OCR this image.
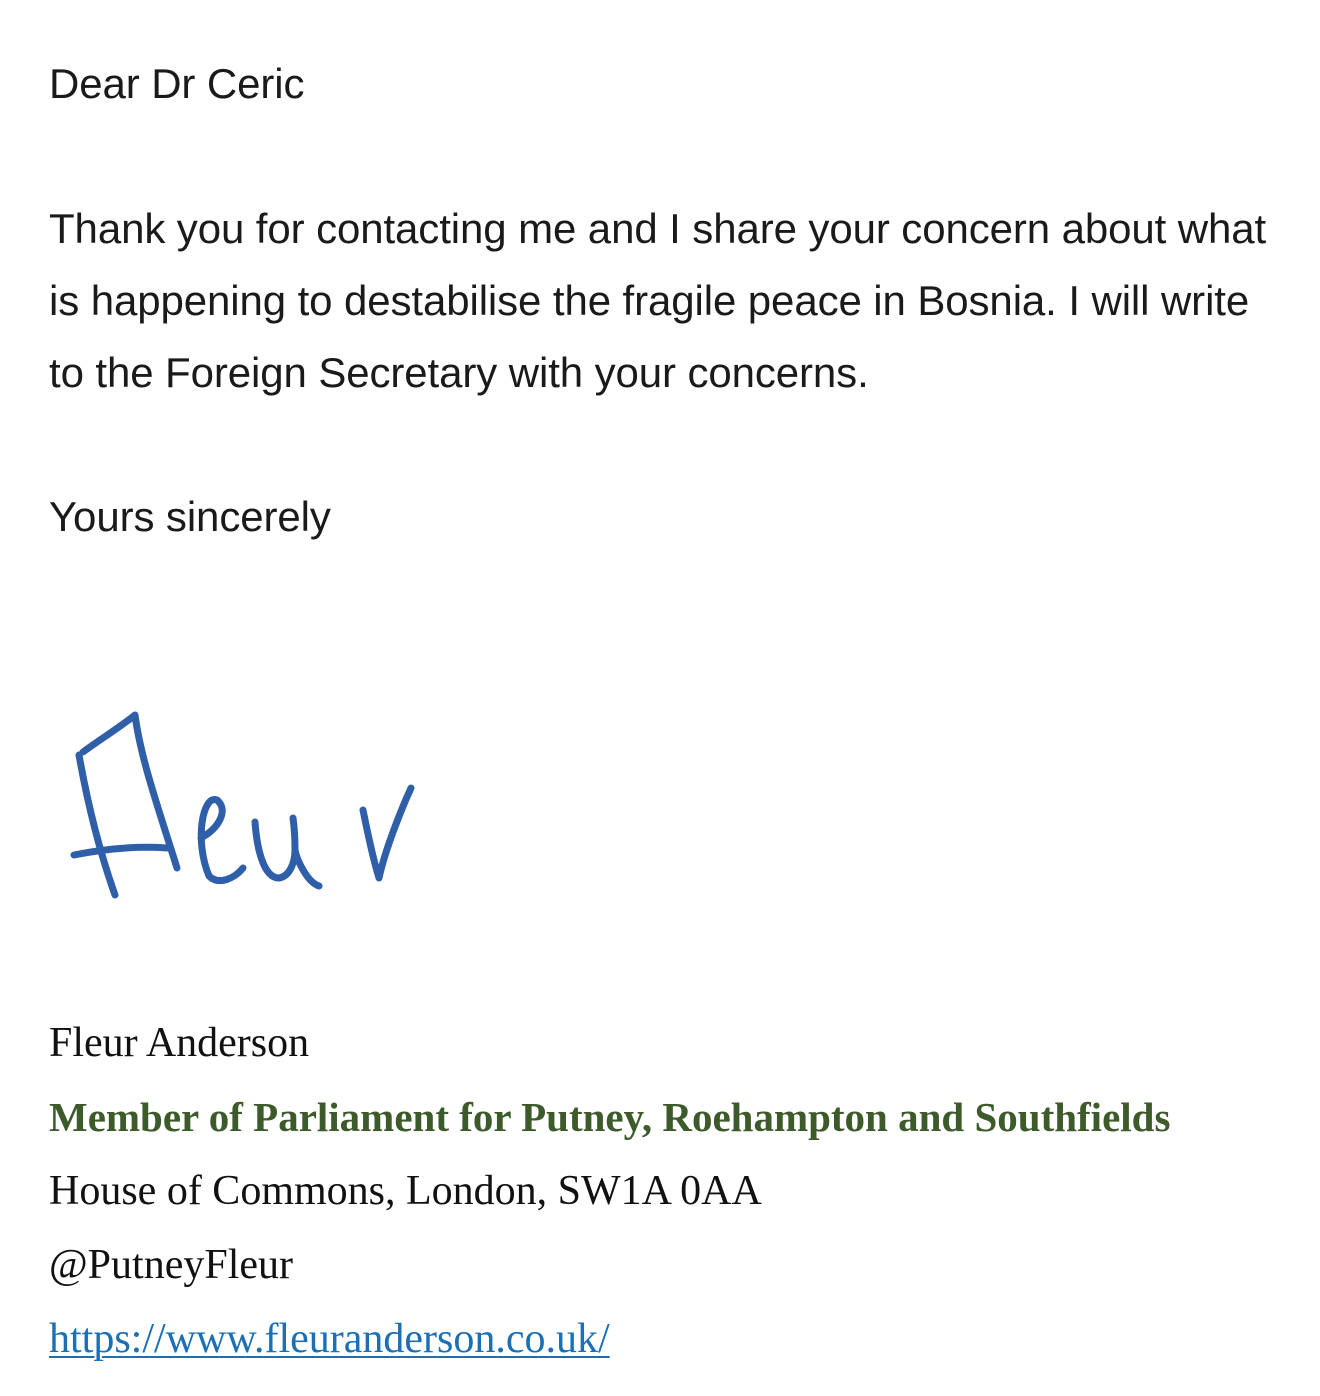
Dear Dr Ceric

Thank you for contacting me and I share your concern about what is happening to destabilise the fragile peace in Bosnia. I will write to the Foreign Secretary with your concerns.

Yours sincerely

Fleur Anderson

Member of Parliament for Putney, Roehampton and Southfields

House of Commons, London, SW1A 0AA

@PutneyFleur

https://www.fleuranderson.co.uk/
